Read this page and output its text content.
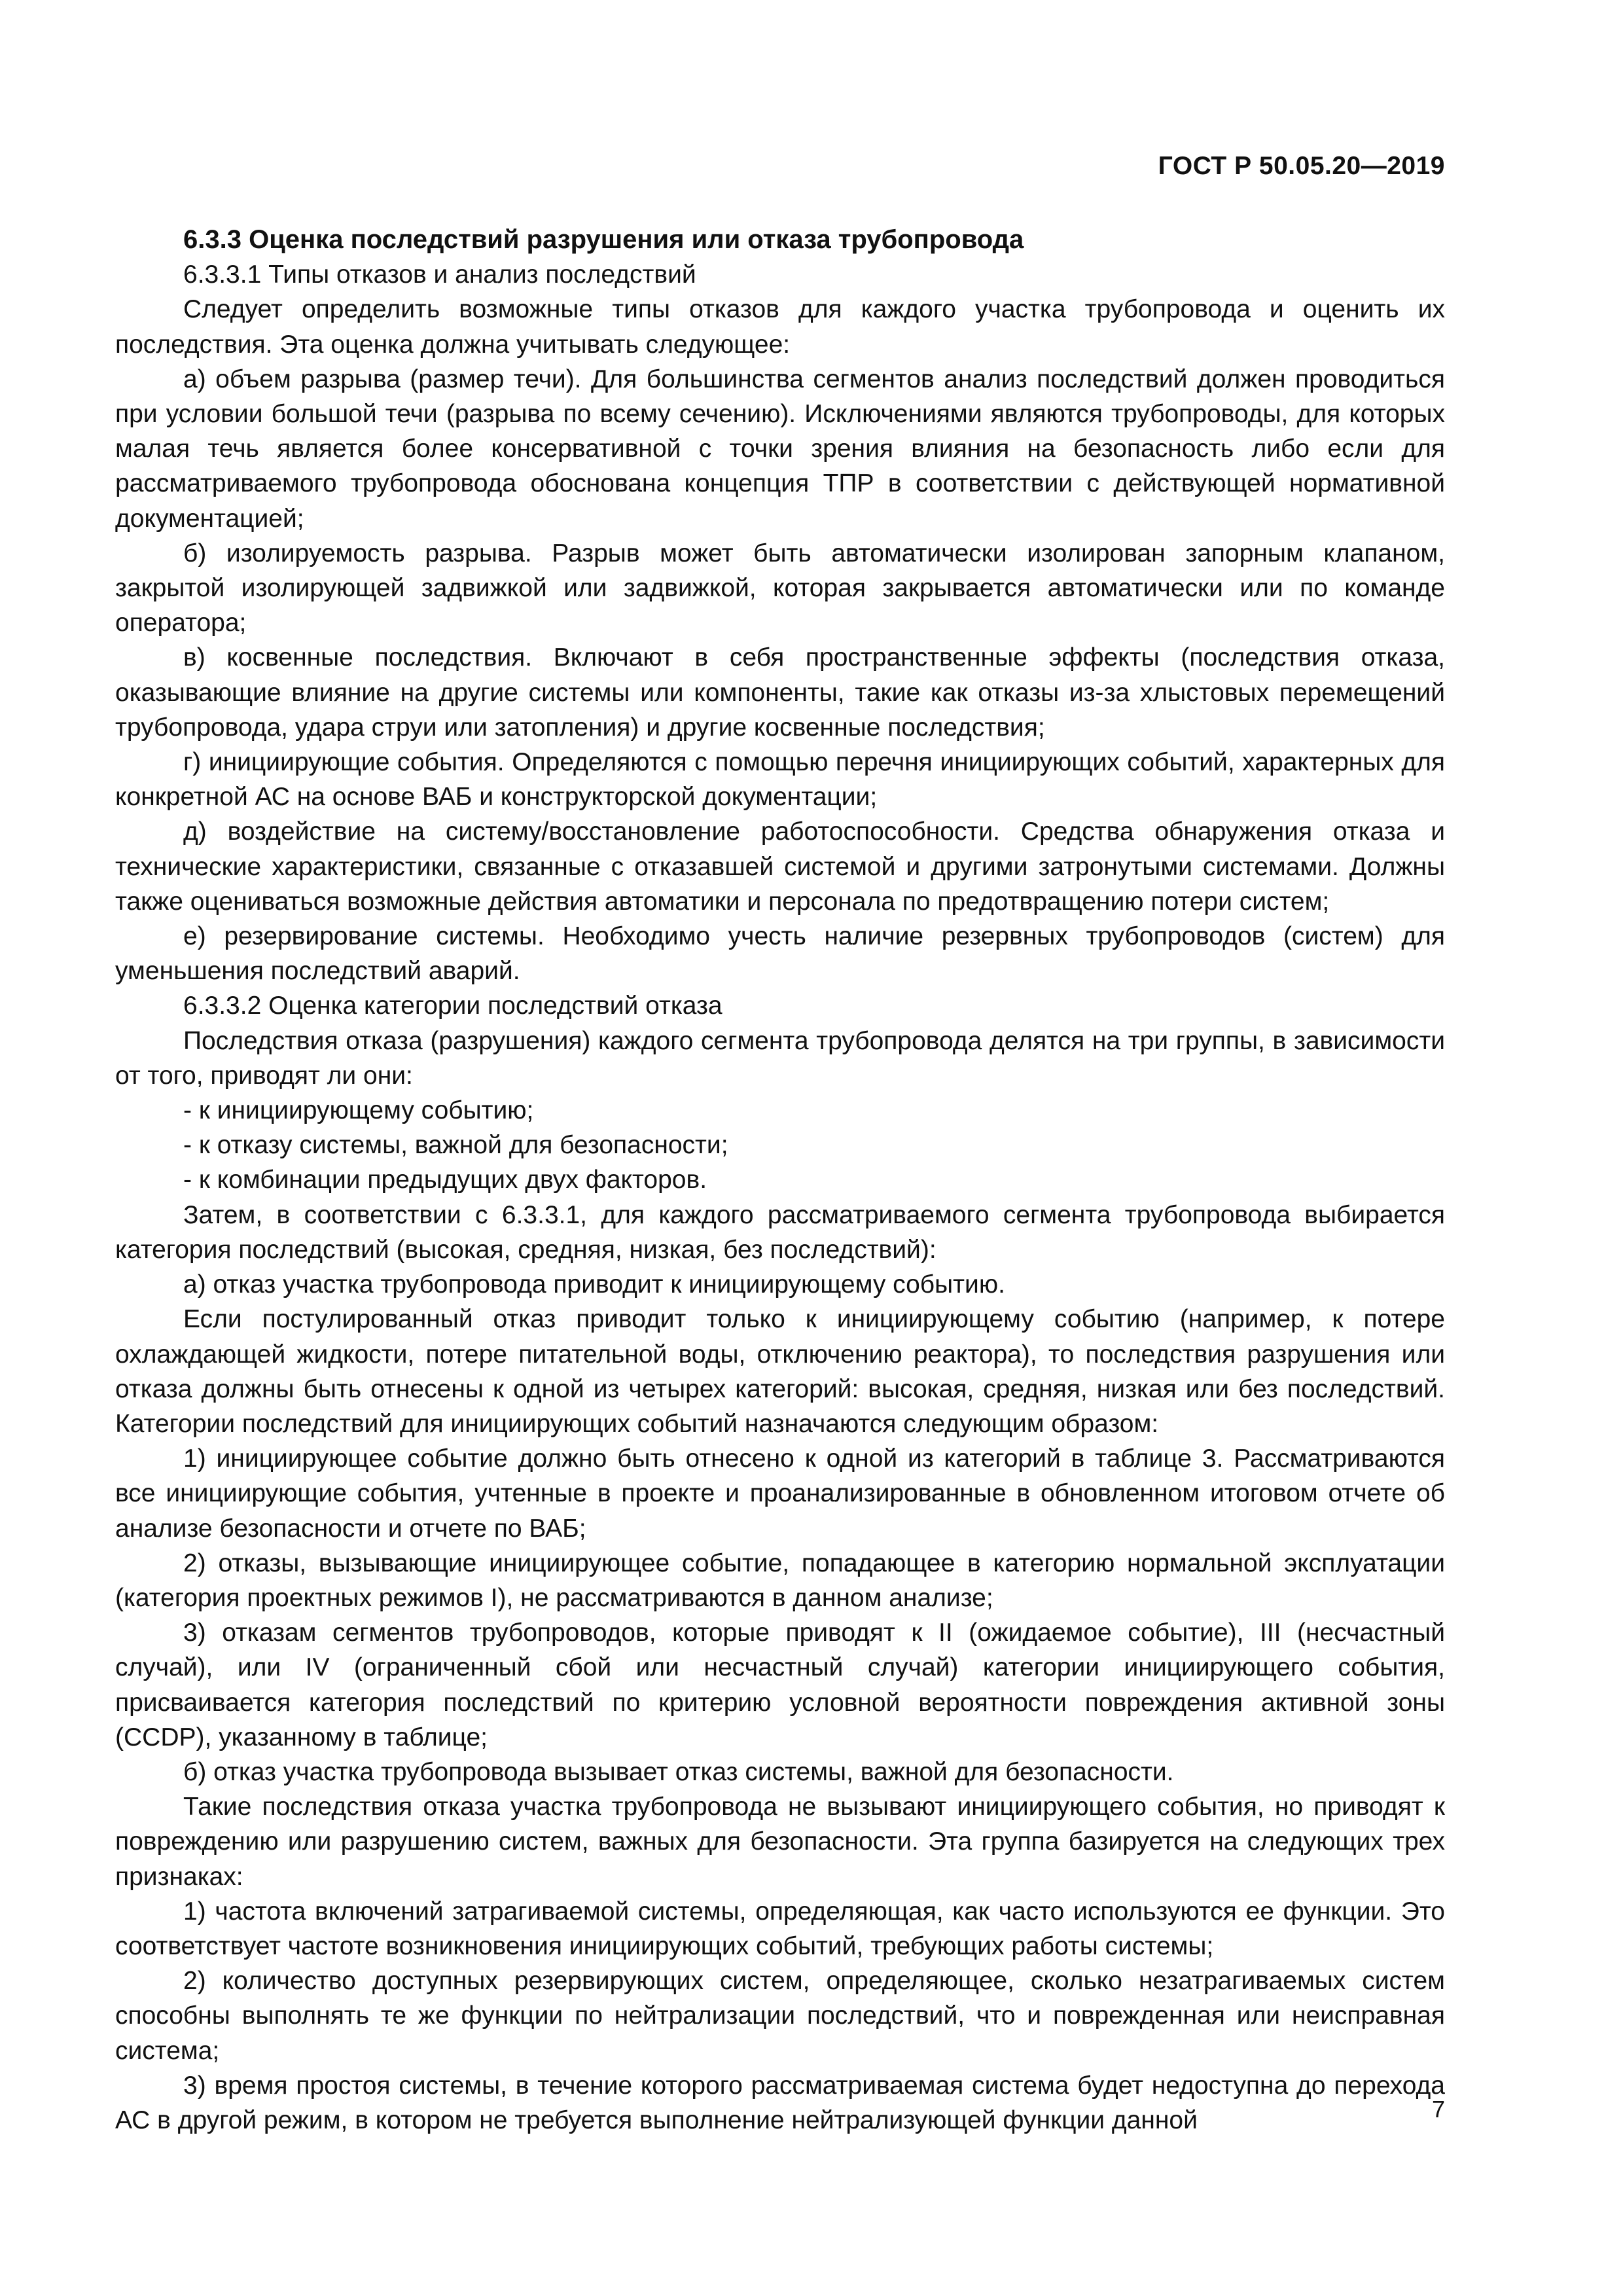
ГОСТ Р 50.05.20—2019

6.3.3 Оценка последствий разрушения или отказа трубопровода

6.3.3.1 Типы отказов и анализ последствий

Следует определить возможные типы отказов для каждого участка трубопровода и оценить их последствия. Эта оценка должна учитывать следующее:

а) объем разрыва (размер течи). Для большинства сегментов анализ последствий должен проводиться при условии большой течи (разрыва по всему сечению). Исключениями являются трубопроводы, для которых малая течь является более консервативной с точки зрения влияния на безопасность либо если для рассматриваемого трубопровода обоснована концепция ТПР в соответствии с действующей нормативной документацией;

б) изолируемость разрыва. Разрыв может быть автоматически изолирован запорным клапаном, закрытой изолирующей задвижкой или задвижкой, которая закрывается автоматически или по команде оператора;

в) косвенные последствия. Включают в себя пространственные эффекты (последствия отказа, оказывающие влияние на другие системы или компоненты, такие как отказы из-за хлыстовых перемещений трубопровода, удара струи или затопления) и другие косвенные последствия;

г) инициирующие события. Определяются с помощью перечня инициирующих событий, характерных для конкретной АС на основе ВАБ и конструкторской документации;

д) воздействие на систему/восстановление работоспособности. Средства обнаружения отказа и технические характеристики, связанные с отказавшей системой и другими затронутыми системами. Должны также оцениваться возможные действия автоматики и персонала по предотвращению потери систем;

е) резервирование системы. Необходимо учесть наличие резервных трубопроводов (систем) для уменьшения последствий аварий.

6.3.3.2 Оценка категории последствий отказа

Последствия отказа (разрушения) каждого сегмента трубопровода делятся на три группы, в зависимости от того, приводят ли они:

- к инициирующему событию;

- к отказу системы, важной для безопасности;

- к комбинации предыдущих двух факторов.

Затем, в соответствии с 6.3.3.1, для каждого рассматриваемого сегмента трубопровода выбирается категория последствий (высокая, средняя, низкая, без последствий):

а) отказ участка трубопровода приводит к инициирующему событию.

Если постулированный отказ приводит только к инициирующему событию (например, к потере охлаждающей жидкости, потере питательной воды, отключению реактора), то последствия разрушения или отказа должны быть отнесены к одной из четырех категорий: высокая, средняя, низкая или без последствий. Категории последствий для инициирующих событий назначаются следующим образом:

1) инициирующее событие должно быть отнесено к одной из категорий в таблице 3. Рассматриваются все инициирующие события, учтенные в проекте и проанализированные в обновленном итоговом отчете об анализе безопасности и отчете по ВАБ;

2) отказы, вызывающие инициирующее событие, попадающее в категорию нормальной эксплуатации (категория проектных режимов I), не рассматриваются в данном анализе;

3) отказам сегментов трубопроводов, которые приводят к II (ожидаемое событие), III (несчастный случай), или IV (ограниченный сбой или несчастный случай) категории инициирующего события, присваивается категория последствий по критерию условной вероятности повреждения активной зоны (CCDP), указанному в таблице;

б) отказ участка трубопровода вызывает отказ системы, важной для безопасности.

Такие последствия отказа участка трубопровода не вызывают инициирующего события, но приводят к повреждению или разрушению систем, важных для безопасности. Эта группа базируется на следующих трех признаках:

1) частота включений затрагиваемой системы, определяющая, как часто используются ее функции. Это соответствует частоте возникновения инициирующих событий, требующих работы системы;

2) количество доступных резервирующих систем, определяющее, сколько незатрагиваемых систем способны выполнять те же функции по нейтрализации последствий, что и поврежденная или неисправная система;

3) время простоя системы, в течение которого рассматриваемая система будет недоступна до перехода АС в другой режим, в котором не требуется выполнение нейтрализующей функции данной	7
